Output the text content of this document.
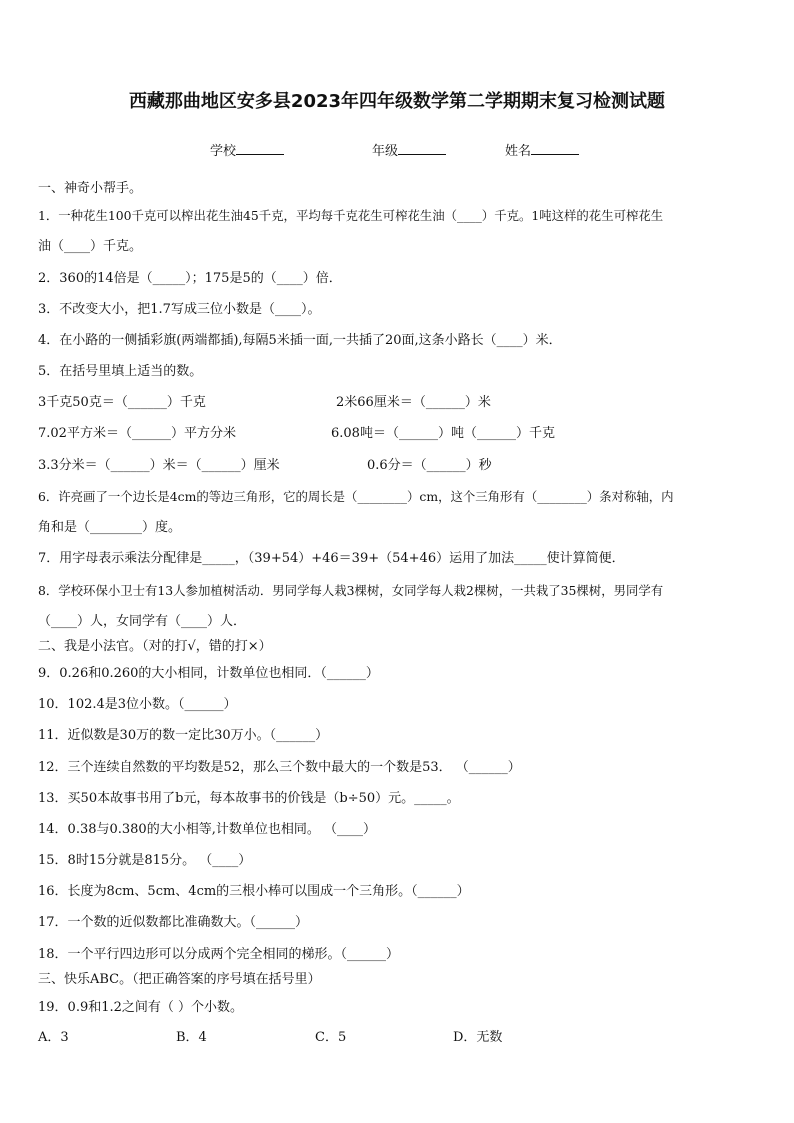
西藏那曲地区安多县2023年四年级数学第二学期期末复习检测试题
学校	年级	姓名
一、神奇小帮手。
1．一种花生100千克可以榨出花生油45千克，平均每千克花生可榨花生油（____）千克。1吨这样的花生可榨花生
油（____）千克。
2．360的14倍是（_____）；175是5的（____）倍．
3．不改变大小，把1.7写成三位小数是（____）。
4．在小路的一侧插彩旗(两端都插),每隔5米插一面,一共插了20面,这条小路长（____）米．
5．在括号里填上适当的数。
3千克50克＝（______）千克	2米66厘米＝（______）米
7.02平方米＝（______）平方分米	6.08吨＝（______）吨（______）千克
3.3分米＝（______）米＝（______）厘米	0.6分＝（______）秒
6．许亮画了一个边长是4cm的等边三角形，它的周长是（________）cm，这个三角形有（________）条对称轴，内
角和是（________）度。
7．用字母表示乘法分配律是_____，（39+54）+46＝39+（54+46）运用了加法_____使计算简便．
8．学校环保小卫士有13人参加植树活动．男同学每人栽3棵树，女同学每人栽2棵树，一共栽了35棵树，男同学有
（____）人，女同学有（____）人．
二、我是小法官。（对的打√，错的打×）
9．0.26和0.260的大小相同，计数单位也相同．（______）
10．102.4是3位小数。（______）
11．近似数是30万的数一定比30万小。（______）
12．三个连续自然数的平均数是52，那么三个数中最大的一个数是53． （______）
13．买50本故事书用了b元，每本故事书的价钱是（b÷50）元。_____。
14．0.38与0.380的大小相等,计数单位也相同。 （____）
15．8时15分就是815分。 （____）
16．长度为8cm、5cm、4cm的三根小棒可以围成一个三角形。（______）
17．一个数的近似数都比准确数大。（______）
18．一个平行四边形可以分成两个完全相同的梯形。（______）
三、快乐ABC。（把正确答案的序号填在括号里）
19．0.9和1.2之间有（ ）个小数。
A．3	B．4	C．5	D．无数
